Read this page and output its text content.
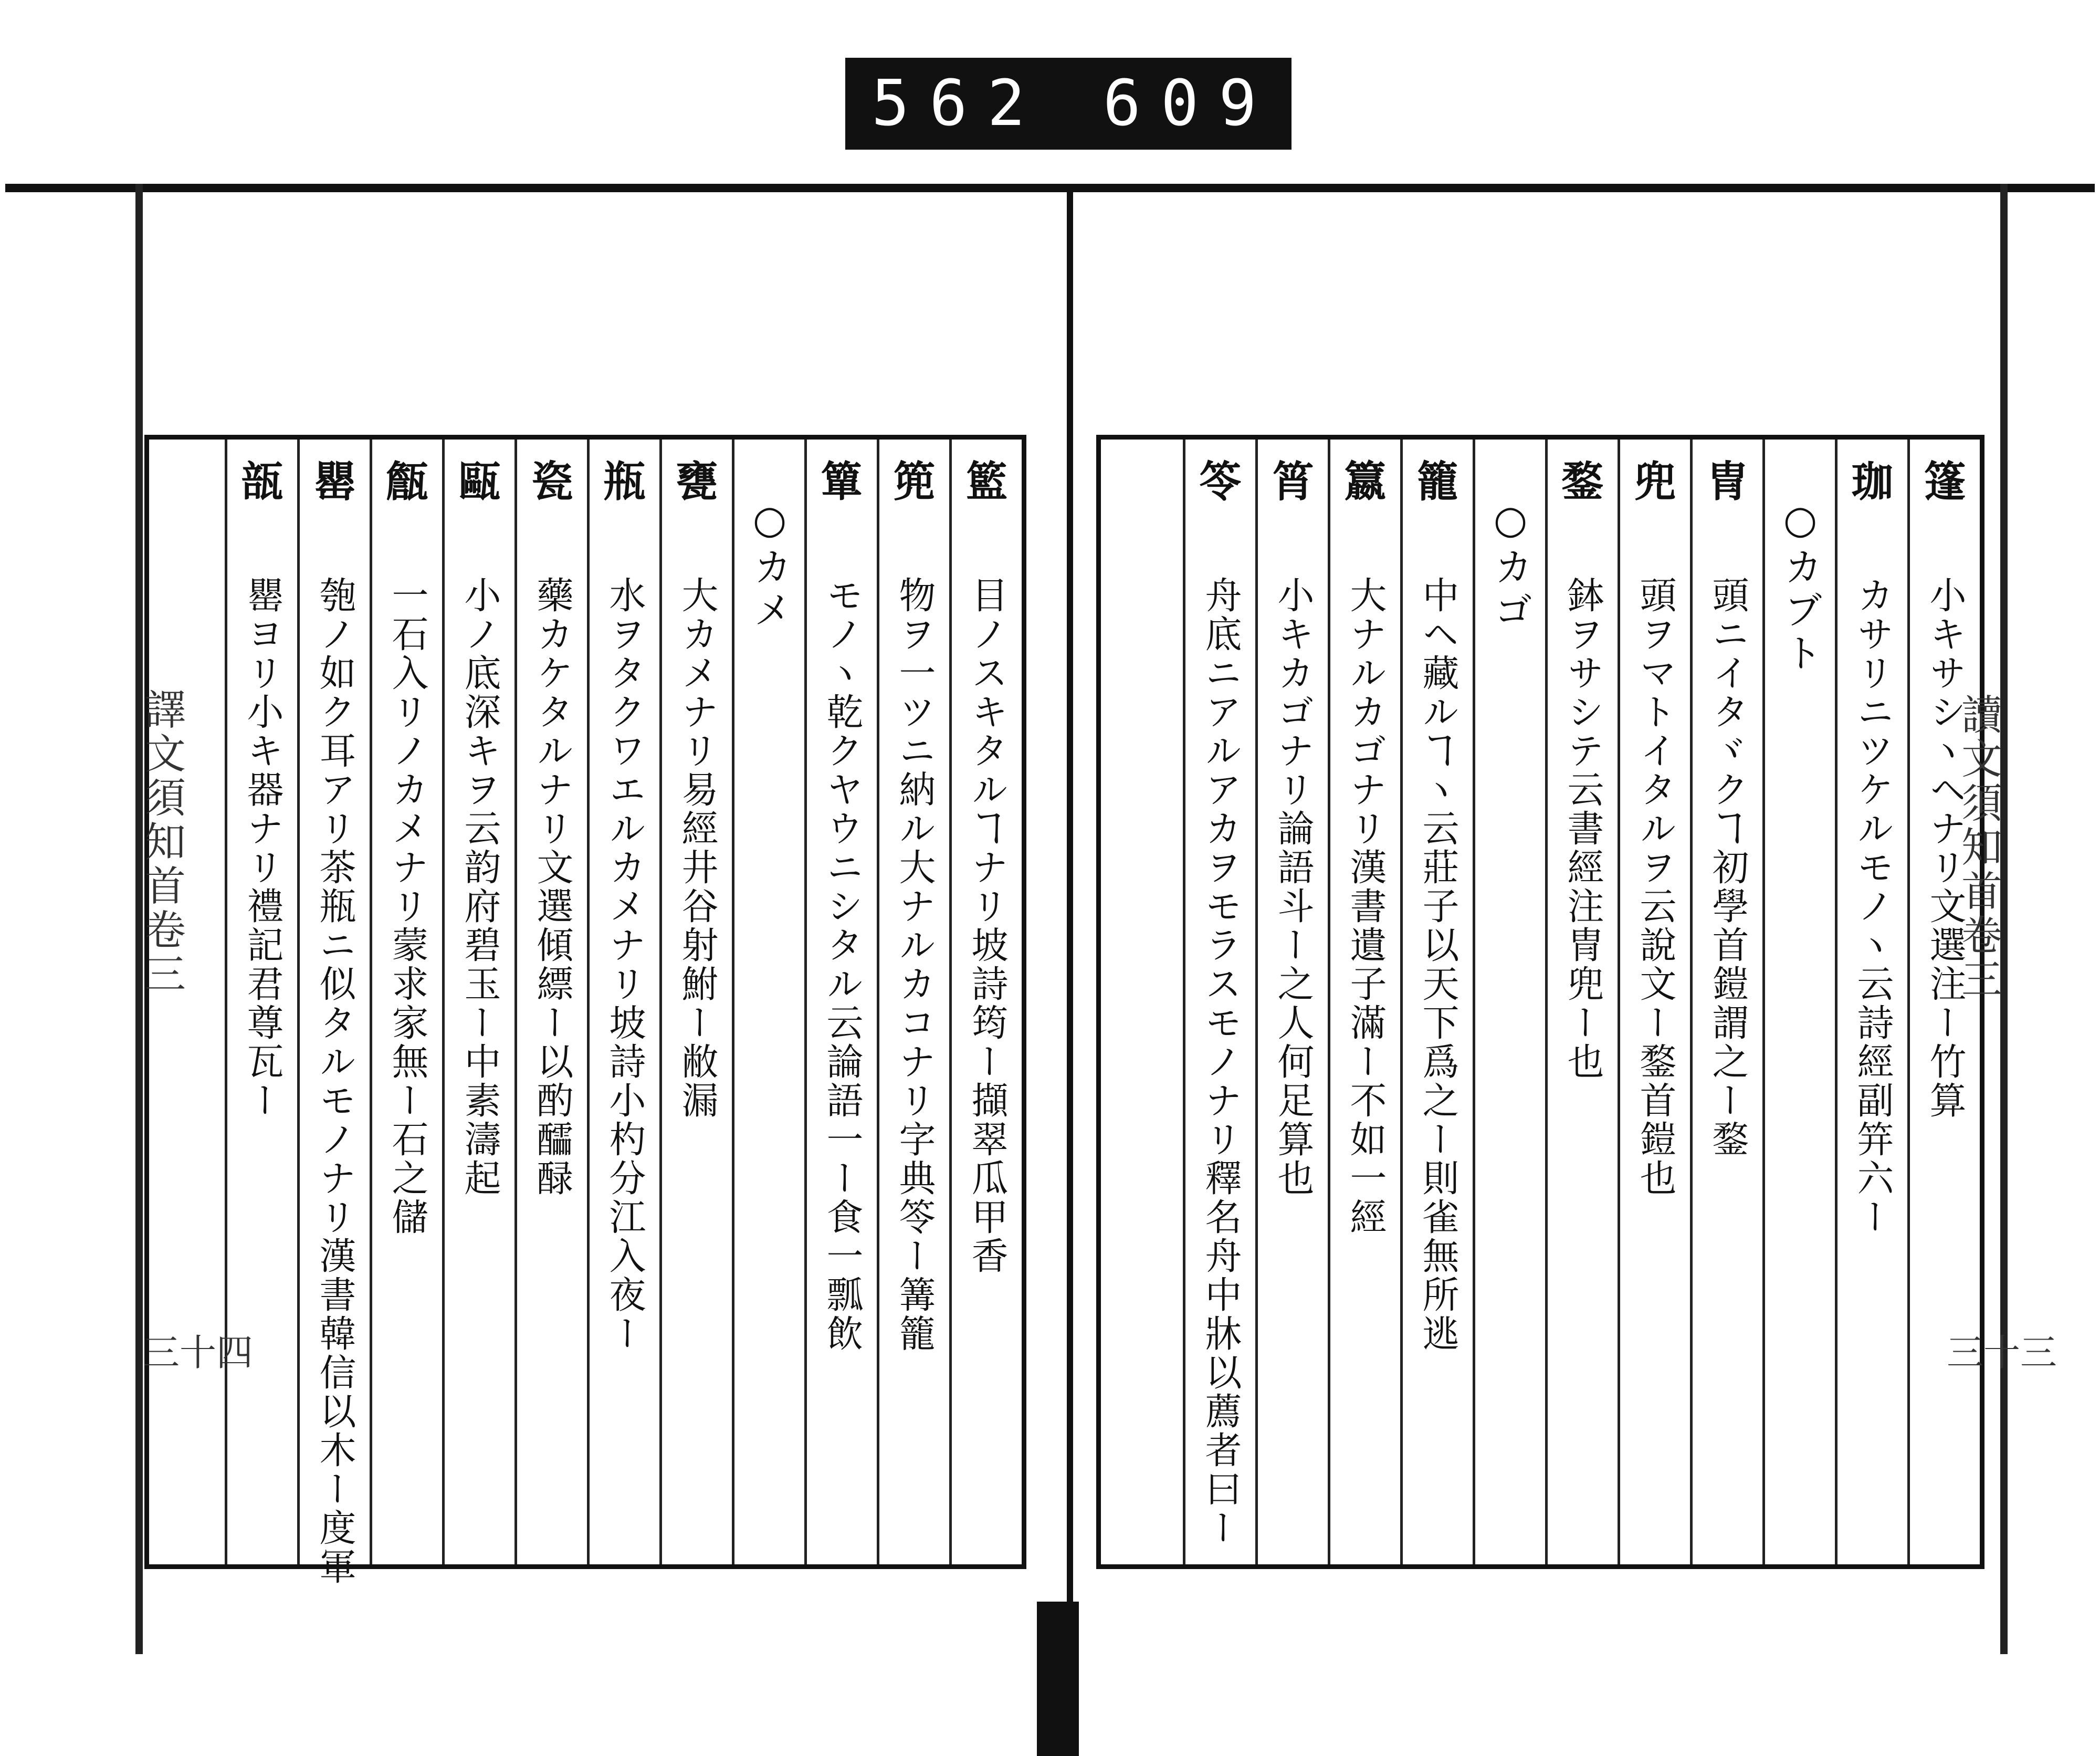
562 609
籃
目ノスキタルヿナリ坡詩筠ー擷翠瓜甲香
篼
物ヲ一ツニ納ル大ナルカコナリ字典笭ー篝籠
簞
モノヽ乾クヤウニシタル云論語一ー食一瓢飲
○カメ
甕
大カメナリ易經井谷射鮒ー敝漏
瓶
水ヲタクワエルカメナリ坡詩小杓分江入夜ー
瓷
藥カケタルナリ文選傾縹ー以酌醽醁
甌
小ノ底深キヲ云韵府碧玉ー中素濤起
甔
一石入リノカメナリ蒙求家無ー石之儲
罌
匏ノ如ク耳アリ茶瓶ニ似タルモノナリ漢書韓信以木ー度軍
瓿
罌ヨリ小キ器ナリ禮記君尊瓦ー
篷
小キサシヽヘナリ文選注ー竹算
珈
カサリニツケルモノヽ云詩經副笄六ー
○カブト
冑
頭ニイタヾクヿ初學首鎧謂之ー鍪
兜
頭ヲマトイタルヲ云說文ー鍪首鎧也
鍪
鉢ヲサシテ云書經注冑兜ー也
○カゴ
籠
中ヘ藏ルヿヽ云莊子以天下爲之ー則雀無所逃
籝
大ナルカゴナリ漢書遺子滿ー不如一經
筲
小キカゴナリ論語斗ー之人何足算也
笭
舟底ニアルアカヲモラスモノナリ釋名舟中牀以薦者曰ー
譯文須知首卷三
三十四
讀文須知首卷三
三十三
